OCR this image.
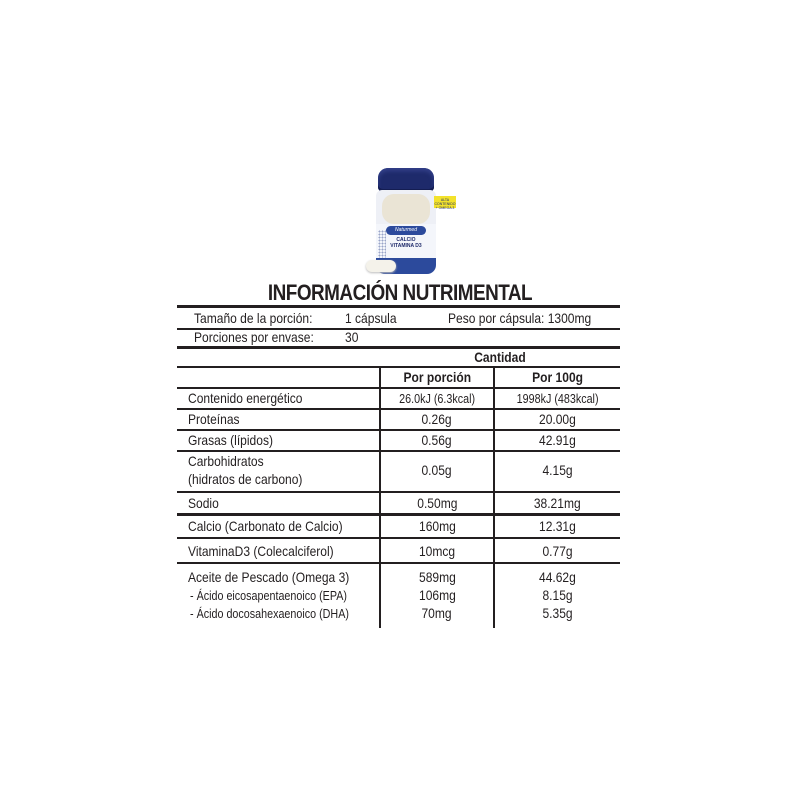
Naturmed
CALCIO
VITAMINA D3
ALTA CONTENIDO + OMEGA 3
INFORMACIÓN NUTRIMENTAL
Tamaño de la porción: 1 cápsula	Peso por cápsula: 1300mg
Porciones por envase: 30
Cantidad
Por porción	Por 100g
Contenido energético	26.0kJ (6.3kcal)	1998kJ (483kcal)
Proteínas	0.26g	20.00g
Grasas (lípidos)	0.56g	42.91g
Carbohidratos
(hidratos de carbono)
0.05g	4.15g
Sodio	0.50mg	38.21mg
Calcio (Carbonato de Calcio)	160mg	12.31g
VitaminaD3 (Colecalciferol)	10mcg	0.77g
Aceite de Pescado (Omega 3)	589mg	44.62g
- Ácido eicosapentaenoico (EPA)	106mg	8.15g
- Ácido docosahexaenoico (DHA)	70mg	5.35g
